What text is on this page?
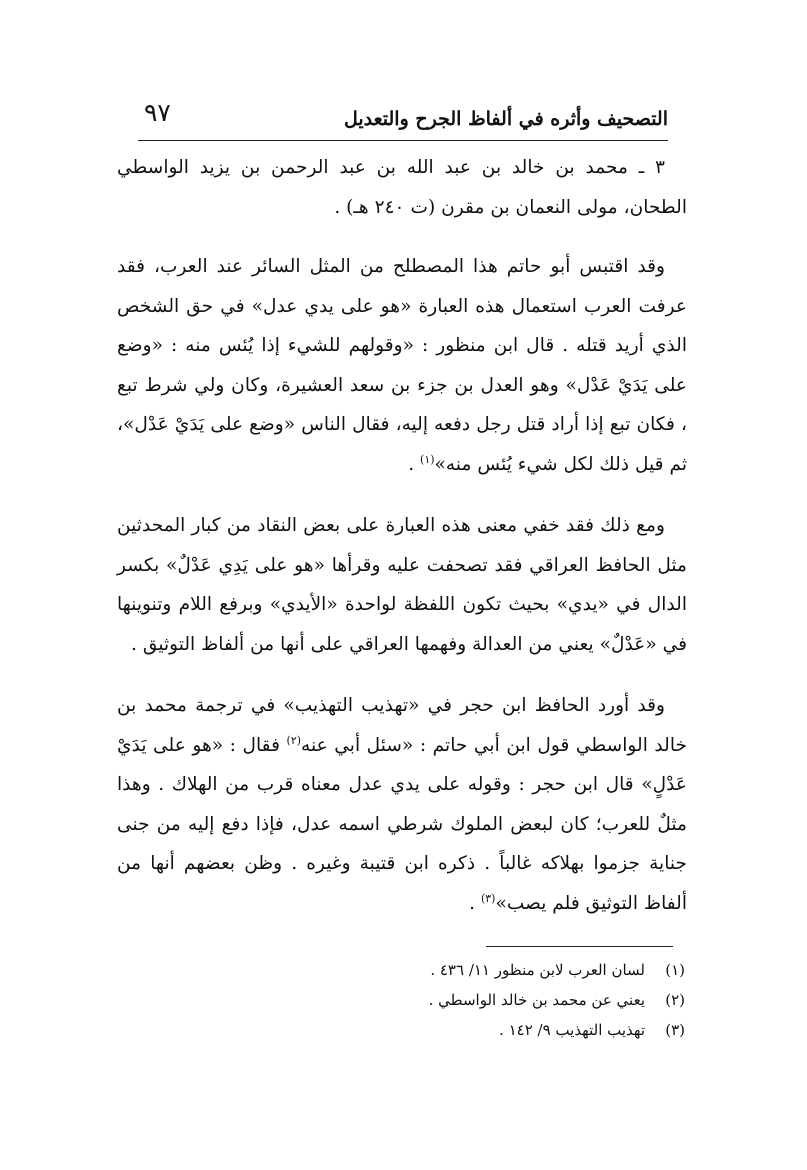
٩٧	التصحيف وأثره في ألفاظ الجرح والتعديل

٣ ـ محمد بن خالد بن عبد الله بن عبد الرحمن بن يزيد الواسطي الطحان، مولى النعمان بن مقرن (ت ٢٤٠ هـ) .

وقد اقتبس أبو حاتم هذا المصطلح من المثل السائر عند العرب، فقد عرفت العرب استعمال هذه العبارة «هو على يدي عدل» في حق الشخص الذي أريد قتله . قال ابن منظور : «وقولهم للشيء إذا يُئس منه : «وضع على يَدَيْ عَدْل» وهو العدل بن جزء بن سعد العشيرة، وكان ولي شرط تبع ، فكان تبع إذا أراد قتل رجل دفعه إليه، فقال الناس «وضع على يَدَيْ عَدْل»، ثم قيل ذلك لكل شيء يُئس منه»$^{(١)}$ .

ومع ذلك فقد خفي معنى هذه العبارة على بعض النقاد من كبار المحدثين مثل الحافظ العراقي فقد تصحفت عليه وقرأها «هو على يَدِي عَدْلٌ» بكسر الدال في «يدي» بحيث تكون اللفظة لواحدة «الأيدي» وبرفع اللام وتنوينها في «عَدْلٌ» يعني من العدالة وفهمها العراقي على أنها من ألفاظ التوثيق .

وقد أورد الحافظ ابن حجر في «تهذيب التهذيب» في ترجمة محمد بن خالد الواسطي قول ابن أبي حاتم : «سئل أبي عنه$^{(٢)}$ فقال : «هو على يَدَيْ عَدْلٍ» قال ابن حجر : وقوله على يدي عدل معناه قرب من الهلاك . وهذا مثلٌ للعرب؛ كان لبعض الملوك شرطي اسمه عدل، فإذا دفع إليه من جنى جناية جزموا بهلاكه غالباً . ذكره ابن قتيبة وغيره . وظن بعضهم أنها من ألفاظ التوثيق فلم يصب»$^{(٣)}$ .

(١)
لسان العرب لابن منظور ١١/ ٤٣٦ .
(٢)
يعني عن محمد بن خالد الواسطي .
(٣)
تهذيب التهذيب ٩/ ١٤٢ .
